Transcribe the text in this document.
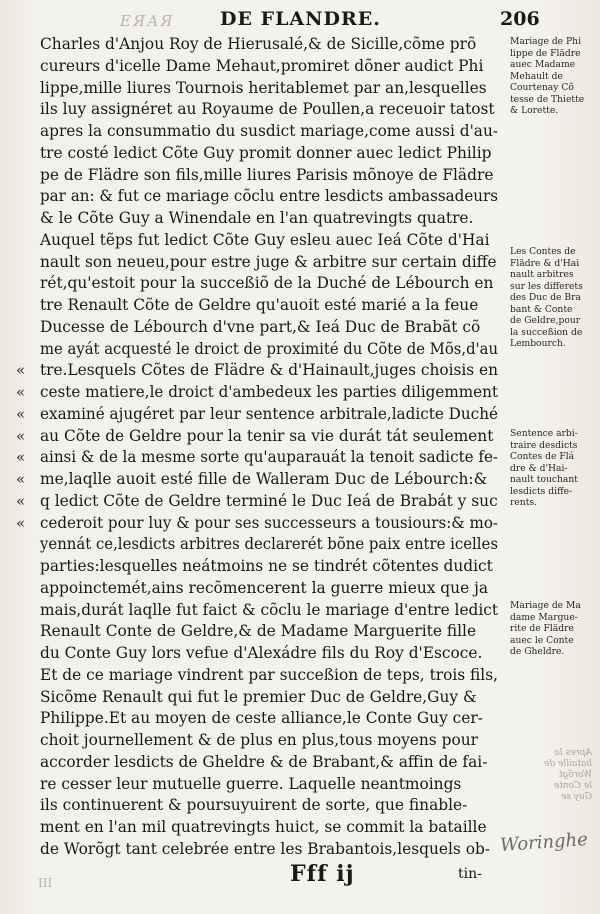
ЕЯАЯ DE FLANDRE.	206
Charles d'Anjou Roy de Hierusalé,& de Sicille,cõme prõ
cureurs d'icelle Dame Mehaut,promiret dõner audict Phi
lippe,mille liures Tournois heritablemet par an,lesquelles
ils luy assignéret au Royaume de Poullen,a receuoir tatost
apres la consummatio du susdict mariage,come aussi d'au-
tre costé ledict Cõte Guy promit donner auec ledict Philip
pe de Flädre son fils,mille liures Parisis mõnoye de Flädre
par an: & fut ce mariage cõclu entre lesdicts ambassadeurs
& le Cõte Guy a Winendale en l'an quatrevingts quatre.
Auquel tẽps fut ledict Cõte Guy esleu auec Ieá Cõte d'Hai
nault son neueu,pour estre juge & arbitre sur certain diffe
rét,qu'estoit pour la succeßiõ de la Duché de Lébourch en
tre Renault Cõte de Geldre qu'auoit esté marié a la feue
Ducesse de Lébourch d'vne part,& Ieá Duc de Brabãt cõ
me ayát acquesté le droict de proximité du Cõte de Mõs,d'au
« tre.Lesquels Cõtes de Flädre & d'Hainault,juges choisis en
« ceste matiere,le droict d'ambedeux les parties diligemment
« examiné ajugéret par leur sentence arbitrale,ladicte Duché
« au Cõte de Geldre pour la tenir sa vie durát tát seulement
« ainsi & de la mesme sorte qu'auparauát la tenoit sadicte fe-
« me,laqlle auoit esté fille de Walleram Duc de Lébourch:&
« q ledict Cõte de Geldre terminé le Duc Ieá de Brabát y suc
« cederoit pour luy & pour ses successeurs a tousiours:& mo-
yennát ce,lesdicts arbitres declarerét bõne paix entre icelles
parties:lesquelles neátmoins ne se tindrét cõtentes dudict
appoinctemét,ains recõmencerent la guerre mieux que ja
mais,durát laqlle fut faict & cõclu le mariage d'entre ledict
Renault Conte de Geldre,& de Madame Marguerite fille
du Conte Guy lors vefue d'Alexádre fils du Roy d'Escoce.
Et de ce mariage vindrent par succeßion de teps, trois fils,
Sicõme Renault qui fut le premier Duc de Geldre,Guy &
Philippe.Et au moyen de ceste alliance,le Conte Guy cer-
choit journellement & de plus en plus,tous moyens pour
accorder lesdicts de Gheldre & de Brabant,& affin de fai-
re cesser leur mutuelle guerre. Laquelle neantmoings
ils continuerent & poursuyuirent de sorte, que finable-
ment en l'an mil quatrevingts huict, se commit la bataille
de Worõgt tant celebrée entre les Brabantois,lesquels ob-
Mariage de Phi
lippe de Flädre
auec Madame
Mehault de
Courtenay Cõ
tesse de Thiette
& Lorette.
Les Contes de
Flädre & d'Hai
nault arbitres
sur les differets
des Duc de Bra
bant & Conte
de Geldre,pour
la succeßion de
Lembourch.
Sentence arbi-
traire desdicts
Contes de Flá
dre & d'Hai-
nault touchant
lesdicts diffe-
rents.
Mariage de Ma
dame Margue-
rite de Flädre
auec le Conte
de Gheldre.
Apres la
bataille de
Worõgt
le Conte
Guy se
Woringhe
Fff ij	tin-
III
